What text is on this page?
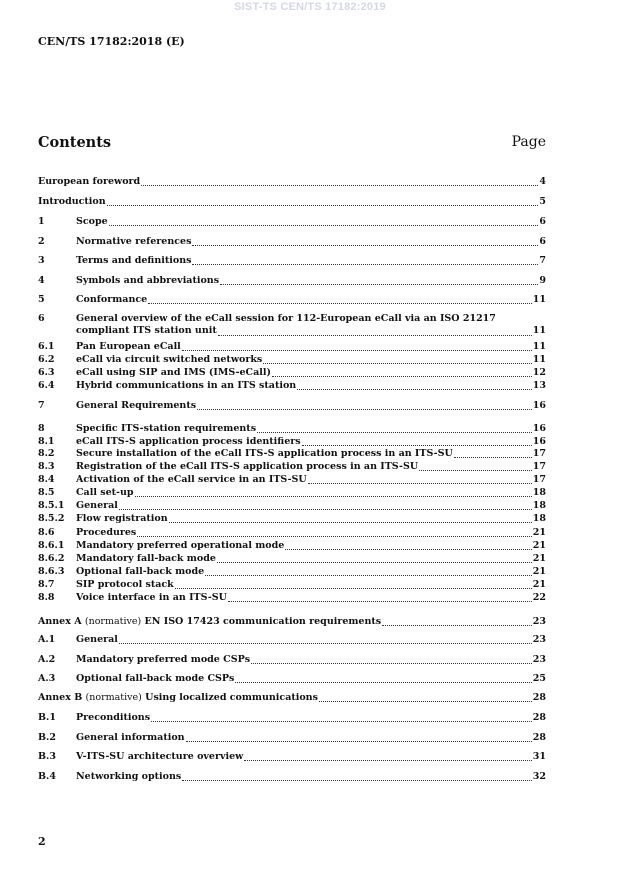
SIST-TS CEN/TS 17182:2019
CEN/TS 17182:2018 (E)
Contents	Page
European foreword	4
Introduction	5
1	Scope	6
2	Normative references	6
3	Terms and definitions	7
4	Symbols and abbreviations	9
5	Conformance	11
6	General overview of the eCall session for 112-European eCall via an ISO 21217
compliant ITS station unit	11
6.1 Pan European eCall	11
6.2 eCall via circuit switched networks	11
6.3 eCall using SIP and IMS (IMS-eCall)	12
6.4 Hybrid communications in an ITS station	13
7	General Requirements	16
8	Specific ITS-station requirements	16
8.1 eCall ITS-S application process identifiers	16
8.2 Secure installation of the eCall ITS-S application process in an ITS-SU	17
8.3 Registration of the eCall ITS-S application process in an ITS-SU	17
8.4 Activation of the eCall service in an ITS-SU	17
8.5 Call set-up	18
8.5.1 General	18
8.5.2 Flow registration	18
8.6 Procedures	21
8.6.1 Mandatory preferred operational mode	21
8.6.2 Mandatory fall-back mode	21
8.6.3 Optional fall-back mode	21
8.7 SIP protocol stack	21
8.8 Voice interface in an ITS-SU	22
Annex A (normative) EN ISO 17423 communication requirements	23
A.1 General	23
A.2 Mandatory preferred mode CSPs	23
A.3 Optional fall-back mode CSPs	25
Annex B (normative) Using localized communications	28
B.1 Preconditions	28
B.2 General information	28
B.3 V-ITS-SU architecture overview	31
B.4 Networking options	32
2
